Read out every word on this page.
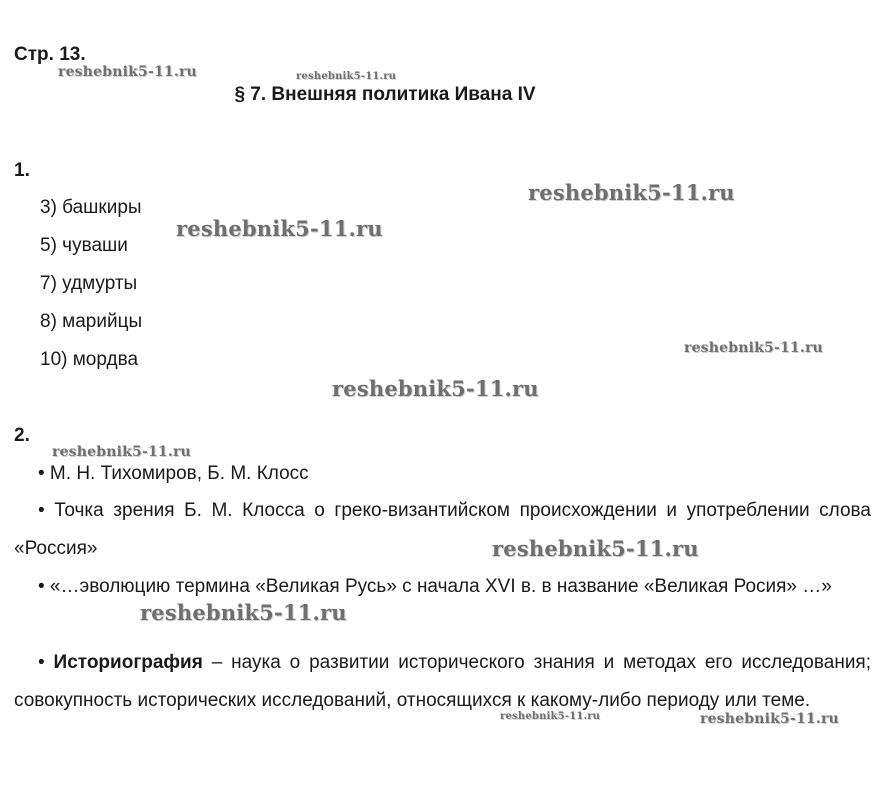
Стр. 13.
§ 7. Внешняя политика Ивана IV
1.
3) башкиры
5) чуваши
7) удмурты
8) марийцы
10) мордва
2.
• М. Н. Тихомиров, Б. М. Клосс
• Точка зрения Б. М. Клосса о греко-византийском происхождении и употреблении слова «Россия»
• «…эволюцию термина «Великая Русь» с начала XVI в. в название «Великая Росия» …»
• Историография – наука о развитии исторического знания и методах его исследования; совокупность исторических исследований, относящихся к какому-либо периоду или теме.
reshebnik5-11.ru	reshebnik5-11.ru
reshebnik5-11.ru
reshebnik5-11.ru
reshebnik5-11.ru
reshebnik5-11.ru
reshebnik5-11.ru
reshebnik5-11.ru
reshebnik5-11.ru
reshebnik5-11.ru	reshebnik5-11.ru
